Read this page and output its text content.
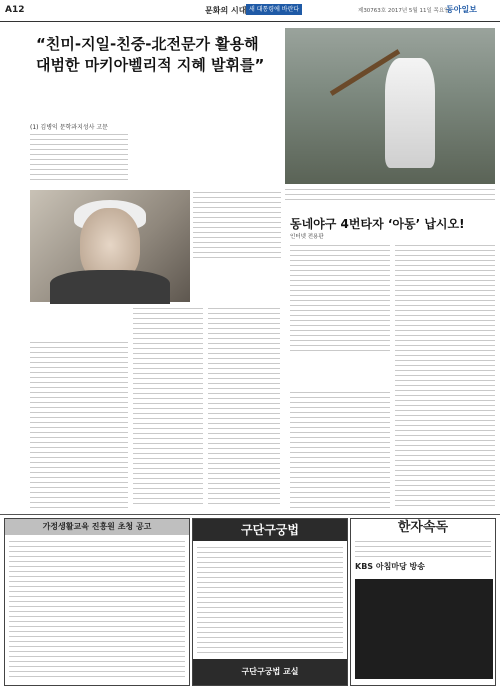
A12	문화의 시대 새 대통령에 바란다	제30763호 2017년 5월 11일 목요일
동아일보
“친미-지일-친중-北전문가 활용해
대범한 마키아벨리적 지혜 발휘를”
(1) 김병익 문학과지성사 고문
동네야구 4번타자 ‘아동’ 납시오!
인터넷 전용판
가정생활교육 진흥원 초청 공고	구단구궁법
구단구궁법 교실
한자속독
KBS 아침마당 방송
